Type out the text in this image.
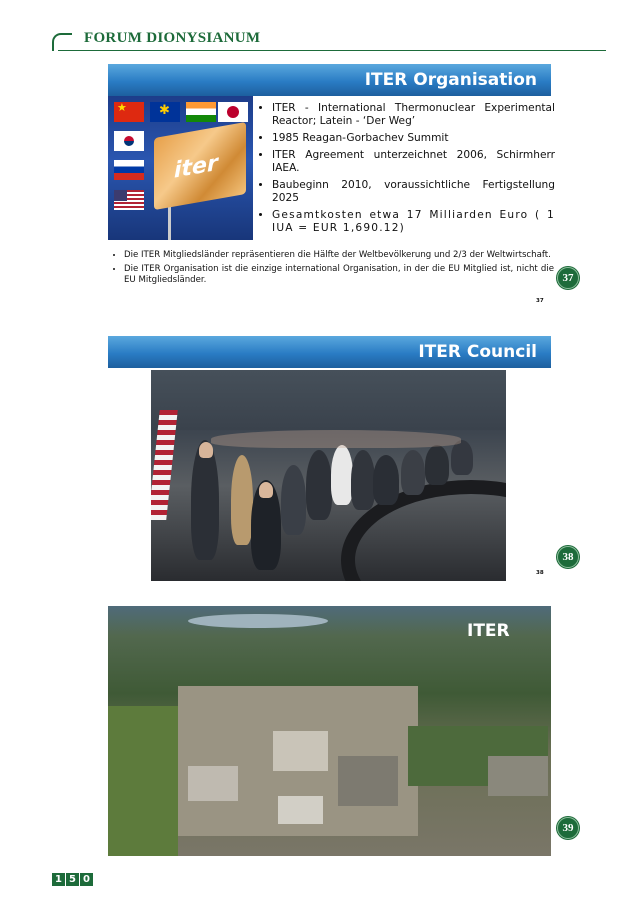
FORUM DIONYSIANUM
ITER Organisation
★
✱
iter
• ITER - International Thermonuclear Experimental Reactor; Latein - ‘Der Weg’
• 1985 Reagan-Gorbachev Summit
• ITER Agreement unterzeichnet 2006, Schirmherr IAEA.
• Baubeginn 2010, voraussichtliche Fertigstellung 2025
• Gesamtkosten etwa 17 Milliarden Euro ( 1 IUA = EUR 1,690.12)
• Die ITER Mitgliedsländer repräsentieren die Hälfte der Weltbevölkerung und 2/3 der Weltwirtschaft.
• Die ITER Organisation ist die einzige international Organisation, in der die EU Mitglied ist, nicht die EU Mitgliedsländer.
37
37
ITER Council
38
38
ITER
39
1 5 0
